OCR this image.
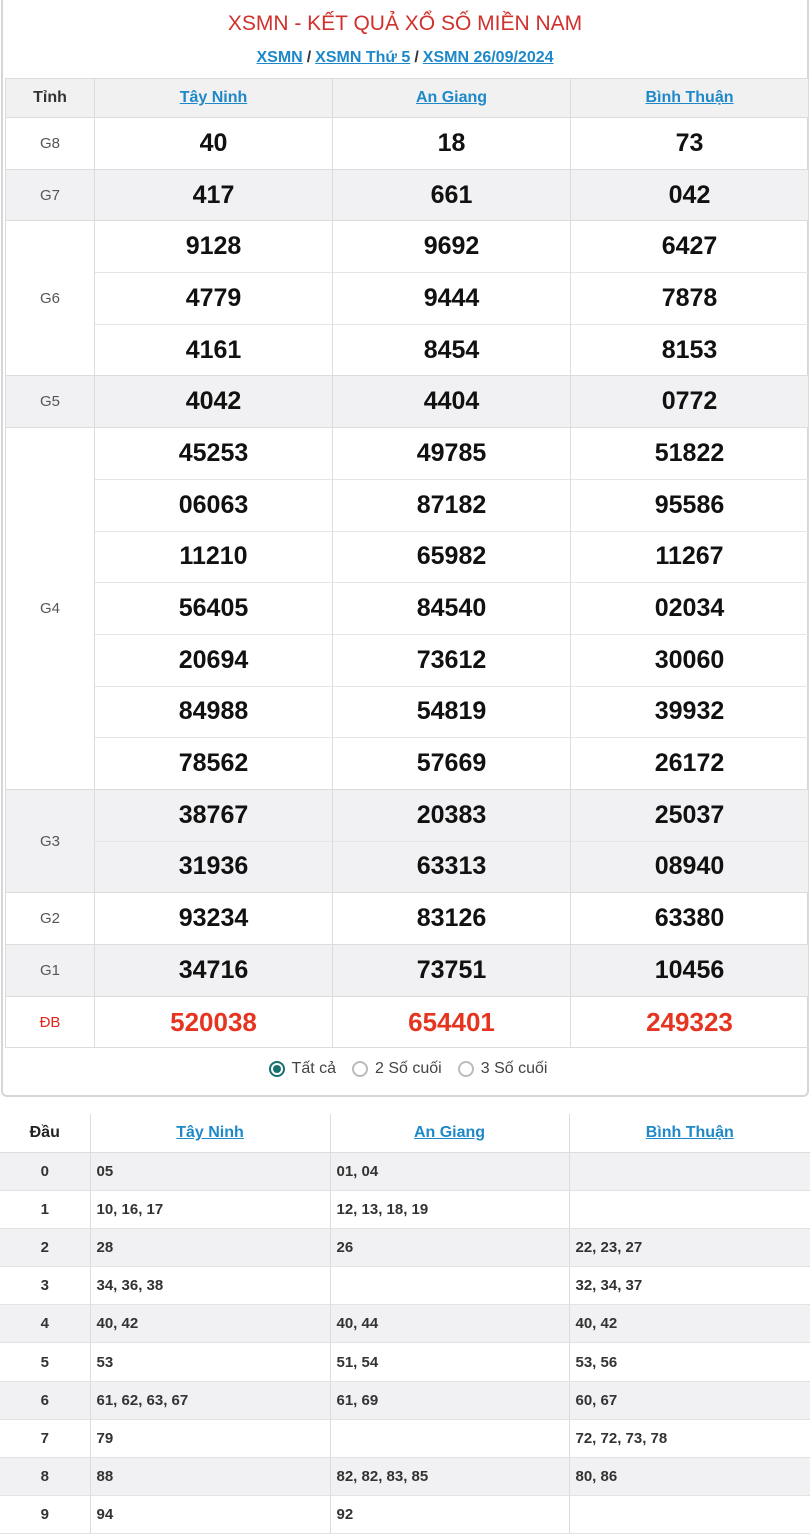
XSMN - KẾT QUẢ XỔ SỐ MIỀN NAM
XSMN / XSMN Thứ 5 / XSMN 26/09/2024
Tỉnh	Tây Ninh	An Giang	Bình Thuận
G8	40	18	73
G7	417	661	042
G6	9128	9692	6427
	4779	9444	7878
	4161	8454	8153
G5	4042	4404	0772
G4	45253	49785	51822
	06063	87182	95586
	11210	65982	11267
	56405	84540	02034
	20694	73612	30060
	84988	54819	39932
	78562	57669	26172
G3	38767	20383	25037
	31936	63313	08940
G2	93234	83126	63380
G1	34716	73751	10456
ĐB	520038	654401	249323
Tất cả 2 Số cuối 3 Số cuối
Đầu	Tây Ninh	An Giang	Bình Thuận
0	05	01, 04	
1	10, 16, 17	12, 13, 18, 19	
2	28	26	22, 23, 27
3	34, 36, 38		32, 34, 37
4	40, 42	40, 44	40, 42
5	53	51, 54	53, 56
6	61, 62, 63, 67	61, 69	60, 67
7	79		72, 72, 73, 78
8	88	82, 82, 83, 85	80, 86
9	94	92	
